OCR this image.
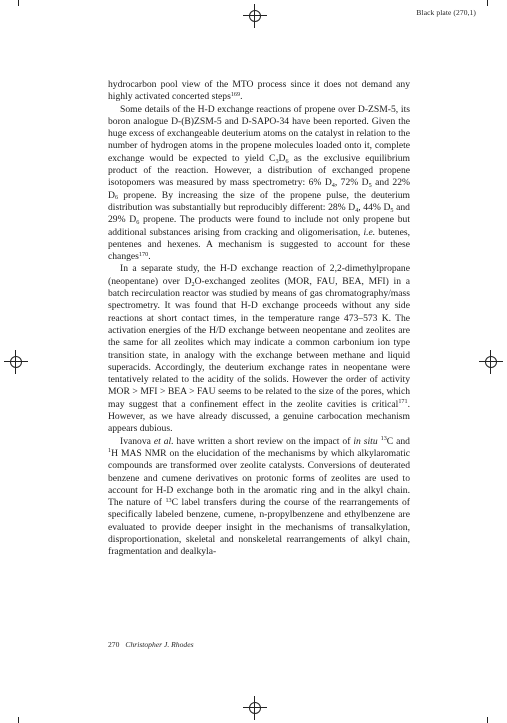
Black plate (270,1)

hydrocarbon pool view of the MTO process since it does not demand any highly activated concerted steps$^{169}$.

Some details of the H-D exchange reactions of propene over D-ZSM-5, its boron analogue D-(B)ZSM-5 and D-SAPO-34 have been reported. Given the huge excess of exchangeable deuterium atoms on the catalyst in relation to the number of hydrogen atoms in the propene molecules loaded onto it, complete exchange would be expected to yield $C_3D_6$ as the exclusive equilibrium product of the reaction. However, a distribution of exchanged propene isotopomers was measured by mass spectrometry: 6% $D_4$, 72% $D_5$ and 22% $D_6$ propene. By increasing the size of the propene pulse, the deuterium distribution was substantially but reproducibly different: 28% $D_4$, 44% $D_5$ and 29% $D_6$ propene. The products were found to include not only propene but additional substances arising from cracking and oligomerisation, i.e. butenes, pentenes and hexenes. A mechanism is suggested to account for these changes$^{170}$.

In a separate study, the H-D exchange reaction of 2,2-dimethylpropane (neopentane) over $D_2O$-exchanged zeolites (MOR, FAU, BEA, MFI) in a batch recirculation reactor was studied by means of gas chromatography/mass spectrometry. It was found that H-D exchange proceeds without any side reactions at short contact times, in the temperature range 473–573 K. The activation energies of the H/D exchange between neopentane and zeolites are the same for all zeolites which may indicate a common carbonium ion type transition state, in analogy with the exchange between methane and liquid superacids. Accordingly, the deuterium exchange rates in neopentane were tentatively related to the acidity of the solids. However the order of activity MOR > MFI > BEA > FAU seems to be related to the size of the pores, which may suggest that a confinement effect in the zeolite cavities is critical$^{171}$. However, as we have already discussed, a genuine carbocation mechanism appears dubious.

Ivanova et al. have written a short review on the impact of in situ $^{13}$C and $^1$H MAS NMR on the elucidation of the mechanisms by which alkylaromatic compounds are transformed over zeolite catalysts. Conversions of deuterated benzene and cumene derivatives on protonic forms of zeolites are used to account for H-D exchange both in the aromatic ring and in the alkyl chain. The nature of $^{13}$C label transfers during the course of the rearrangements of specifically labeled benzene, cumene, n-propylbenzene and ethylbenzene are evaluated to provide deeper insight in the mechanisms of transalkylation, disproportionation, skeletal and nonskeletal rearrangements of alkyl chain, fragmentation and dealkyla-

270 Christopher J. Rhodes
